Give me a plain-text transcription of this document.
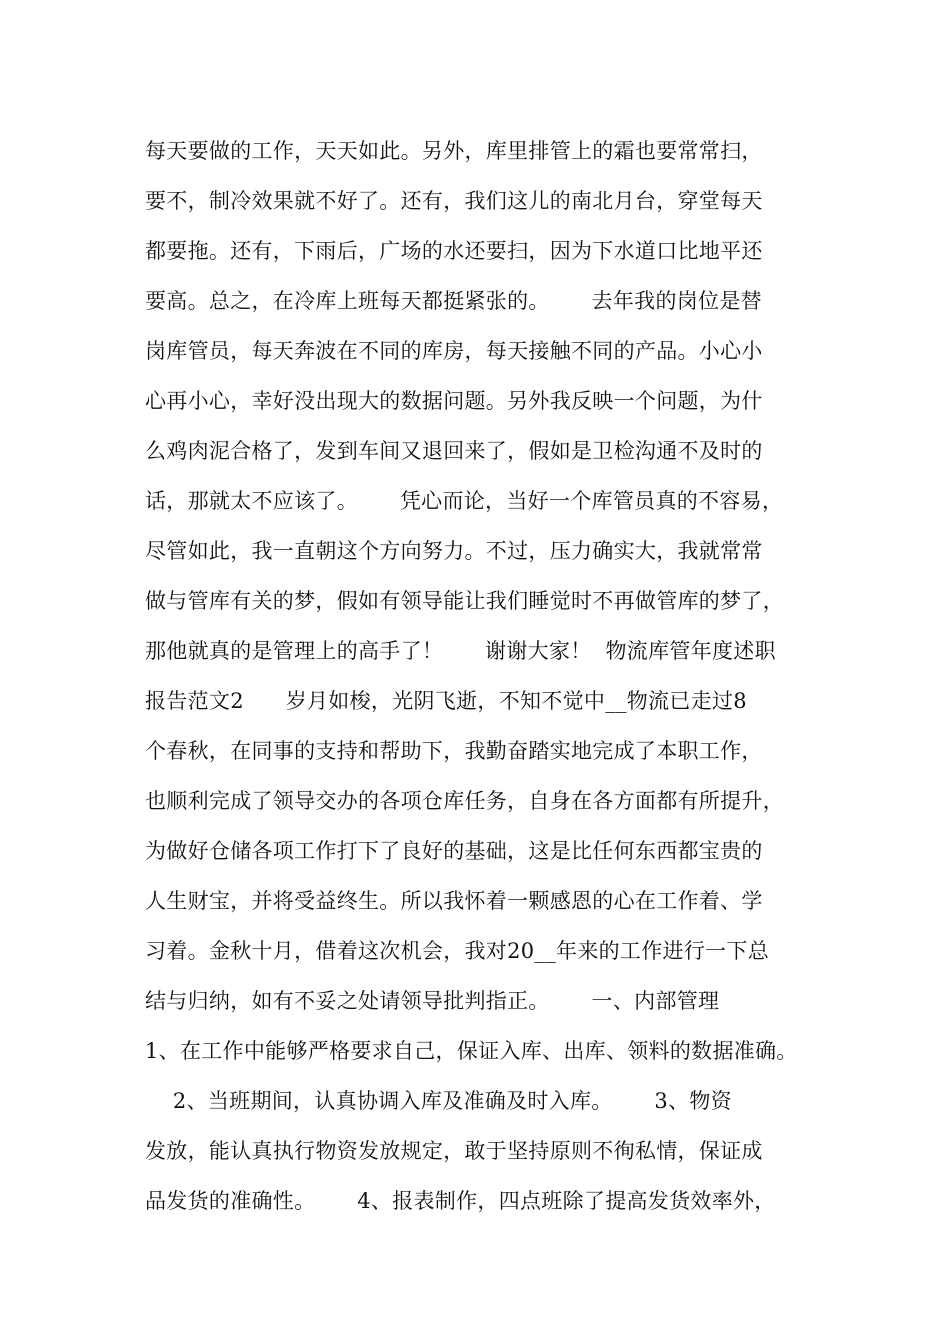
每天要做的工作，天天如此。另外，库里排管上的霜也要常常扫，
要不，制冷效果就不好了。还有，我们这儿的南北月台，穿堂每天
都要拖。还有，下雨后，广场的水还要扫，因为下水道口比地平还
要高。总之，在冷库上班每天都挺紧张的。      去年我的岗位是替
岗库管员，每天奔波在不同的库房，每天接触不同的产品。小心小
心再小心，幸好没出现大的数据问题。另外我反映一个问题，为什
么鸡肉泥合格了，发到车间又退回来了，假如是卫检沟通不及时的
话，那就太不应该了。      凭心而论，当好一个库管员真的不容易，
尽管如此，我一直朝这个方向努力。不过，压力确实大，我就常常
做与管库有关的梦，假如有领导能让我们睡觉时不再做管库的梦了，
那他就真的是管理上的高手了！      谢谢大家！  物流库管年度述职
报告范文2      岁月如梭，光阴飞逝，不知不觉中__物流已走过8
个春秋，在同事的支持和帮助下，我勤奋踏实地完成了本职工作，
也顺利完成了领导交办的各项仓库任务，自身在各方面都有所提升，
为做好仓储各项工作打下了良好的基础，这是比任何东西都宝贵的
人生财宝，并将受益终生。所以我怀着一颗感恩的心在工作着、学
习着。金秋十月，借着这次机会，我对20__年来的工作进行一下总
结与归纳，如有不妥之处请领导批判指正。      一、内部管理
1、在工作中能够严格要求自己，保证入库、出库、领料的数据准确。
2、当班期间，认真协调入库及准确及时入库。      3、物资
发放，能认真执行物资发放规定，敢于坚持原则不徇私情，保证成
品发货的准确性。      4、报表制作，四点班除了提高发货效率外，
